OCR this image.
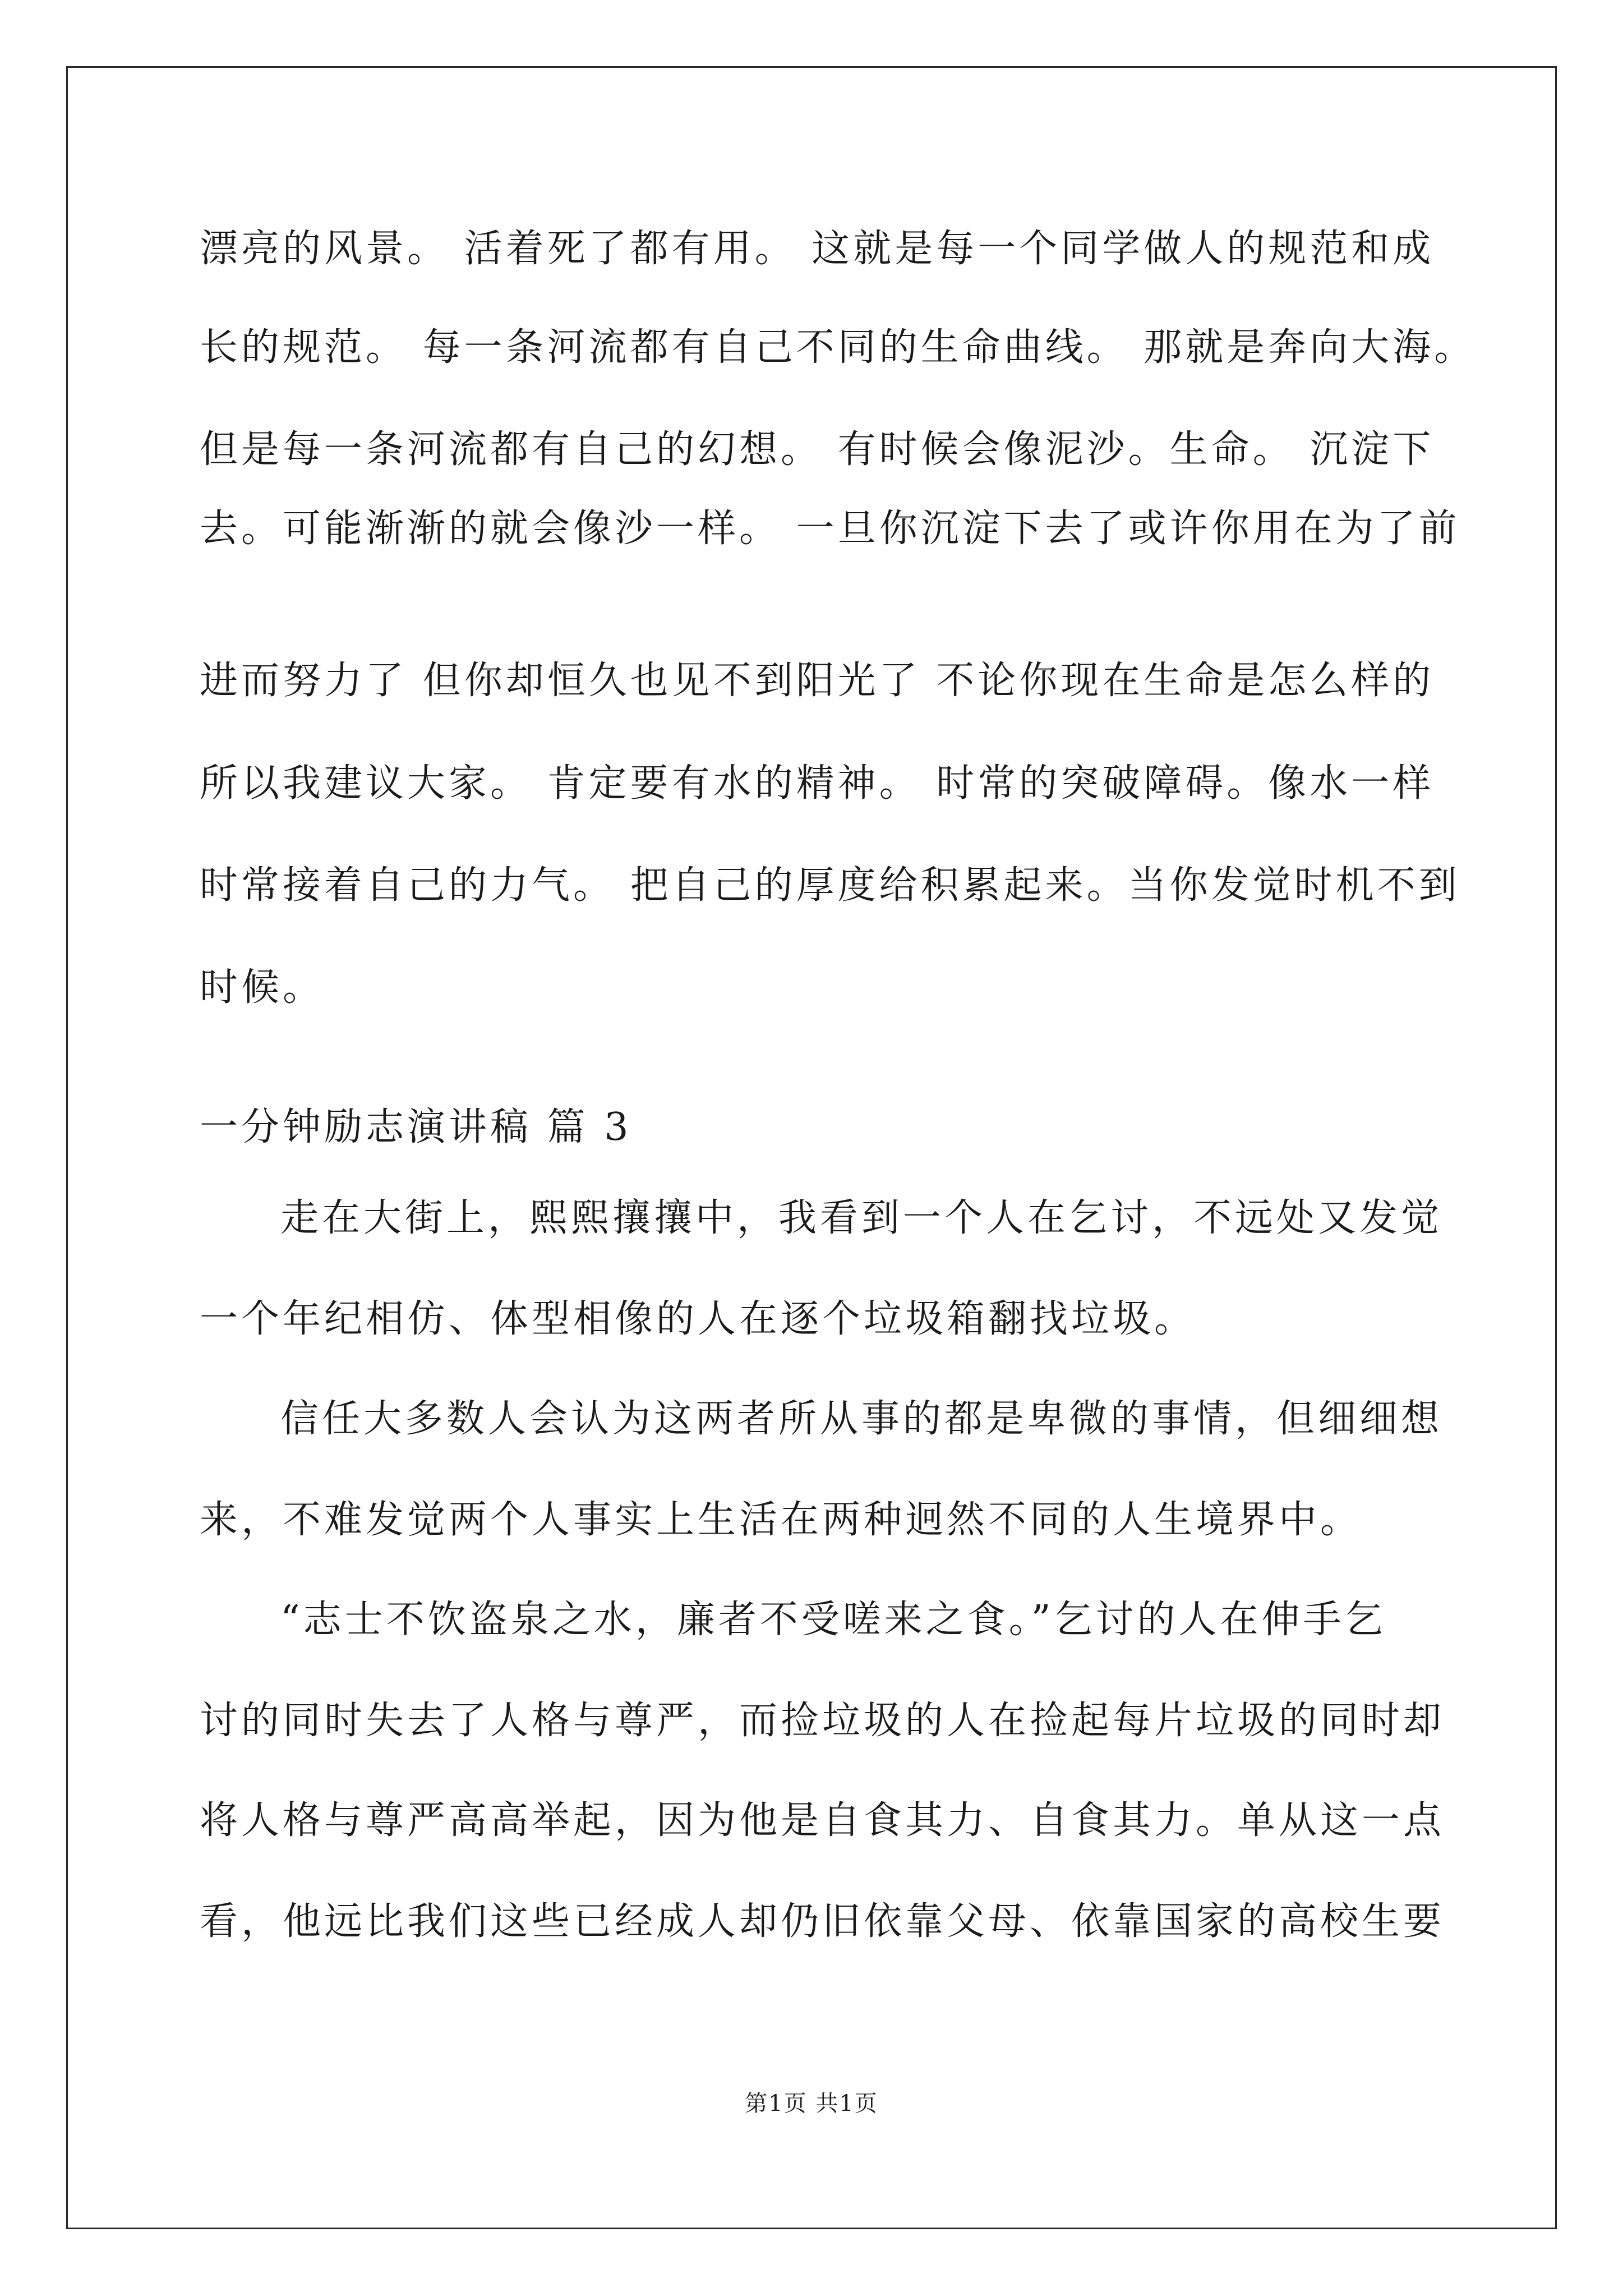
漂亮的风景。 活着死了都有用。 这就是每一个同学做人的规范和成
长的规范。 每一条河流都有自己不同的生命曲线。 那就是奔向大海。
但是每一条河流都有自己的幻想。 有时候会像泥沙。生命。 沉淀下
去。可能渐渐的就会像沙一样。 一旦你沉淀下去了或许你用在为了前
进而努力了 但你却恒久也见不到阳光了 不论你现在生命是怎么样的
所以我建议大家。 肯定要有水的精神。 时常的突破障碍。像水一样
时常接着自己的力气。 把自己的厚度给积累起来。当你发觉时机不到
时候。
一分钟励志演讲稿 篇 3
走在大街上，熙熙攘攘中，我看到一个人在乞讨，不远处又发觉
一个年纪相仿、体型相像的人在逐个垃圾箱翻找垃圾。
信任大多数人会认为这两者所从事的都是卑微的事情，但细细想
来，不难发觉两个人事实上生活在两种迥然不同的人生境界中。
“志士不饮盗泉之水，廉者不受嗟来之食。”乞讨的人在伸手乞
讨的同时失去了人格与尊严，而捡垃圾的人在捡起每片垃圾的同时却
将人格与尊严高高举起，因为他是自食其力、自食其力。单从这一点
看，他远比我们这些已经成人却仍旧依靠父母、依靠国家的高校生要
第1页 共1页
